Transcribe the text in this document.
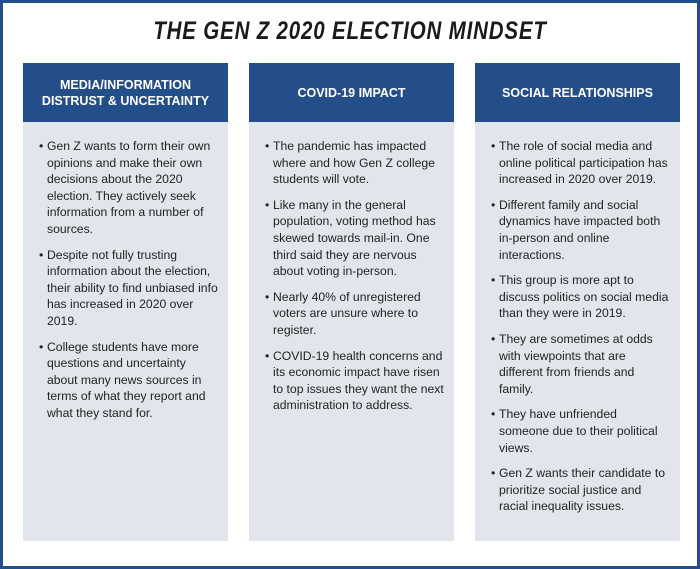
THE GEN Z 2020 ELECTION MINDSET
MEDIA/INFORMATION DISTRUST & UNCERTAINTY
• Gen Z wants to form their own opinions and make their own decisions about the 2020 election. They actively seek information from a number of sources.
• Despite not fully trusting information about the election, their ability to find unbiased info has increased in 2020 over 2019.
• College students have more questions and uncertainty about many news sources in terms of what they report and what they stand for.
COVID-19 IMPACT
• The pandemic has impacted where and how Gen Z college students will vote.
• Like many in the general population, voting method has skewed towards mail-in. One third said they are nervous about voting in-person.
• Nearly 40% of unregistered voters are unsure where to register.
• COVID-19 health concerns and its economic impact have risen to top issues they want the next administration to address.
SOCIAL RELATIONSHIPS
• The role of social media and online political participation has increased in 2020 over 2019.
• Different family and social dynamics have impacted both in-person and online interactions.
• This group is more apt to discuss politics on social media than they were in 2019.
• They are sometimes at odds with viewpoints that are different from friends and family.
• They have unfriended someone due to their political views.
• Gen Z wants their candidate to prioritize social justice and racial inequality issues.
